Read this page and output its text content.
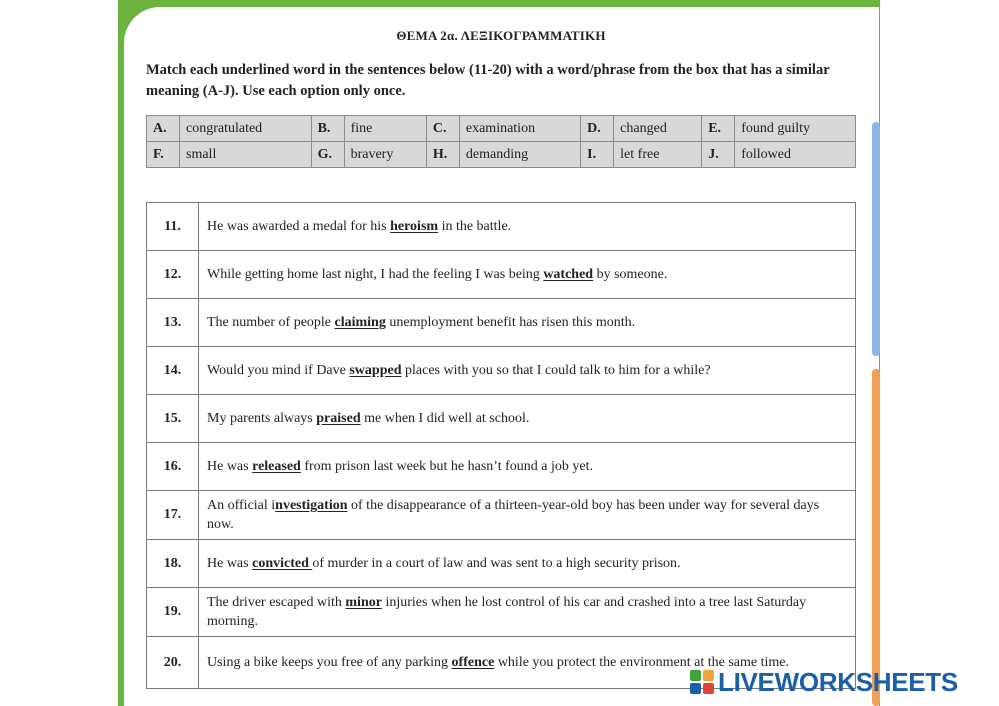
ΘΕΜΑ 2α. ΛΕΞΙΚΟΓΡΑΜΜΑΤΙΚΗ
Match each underlined word in the sentences below (11-20) with a word/phrase from the box that has a similar meaning (A-J). Use each option only once.
A.	congratulated	B.	fine	C.	examination	D.	changed	E.	found guilty
F.	small	G.	bravery	H.	demanding	I.	let free	J.	followed
11.	He was awarded a medal for his heroism in the battle.
12.	While getting home last night, I had the feeling I was being watched by someone.
13.	The number of people claiming unemployment benefit has risen this month.
14.	Would you mind if Dave swapped places with you so that I could talk to him for a while?
15.	My parents always praised me when I did well at school.
16.	He was released from prison last week but he hasn’t found a job yet.
17.	An official investigation of the disappearance of a thirteen-year-old boy has been under way for several days now.
18.	He was convicted of murder in a court of law and was sent to a high security prison.
19.	The driver escaped with minor injuries when he lost control of his car and crashed into a tree last Saturday morning.
20.	Using a bike keeps you free of any parking offence while you protect the environment at the same time.
LIVEWORKSHEETS
